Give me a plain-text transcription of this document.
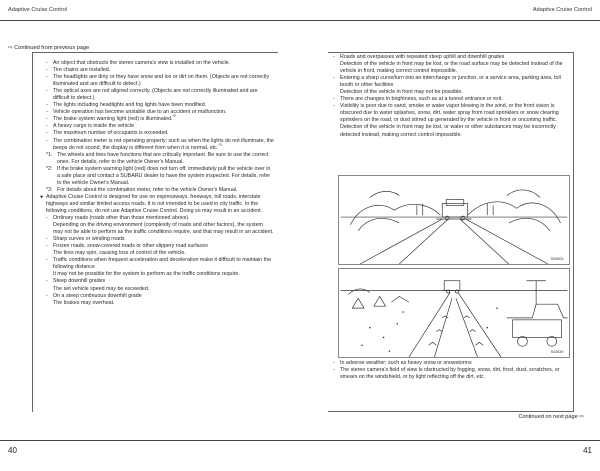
Adaptive Cruise Control	Adaptive Cruise Control
⇨ Continued from previous page
- An object that obstructs the stereo camera's view is installed on the vehicle.
- Tire chains are installed.
- The headlights are dirty or they have snow and ice or dirt on them. (Objects are not correctly illuminated and are difficult to detect.)
- The optical axes are not aligned correctly. (Objects are not correctly illuminated and are difficult to detect.)
- The lights including headlights and fog lights have been modified.
- Vehicle operation has become unstable due to an accident or malfunction.
- The brake system warning light (red) is illuminated.$^{*2}$
- A heavy cargo is inside the vehicle.
- The maximum number of occupants is exceeded.
- The combination meter is not operating properly; such as when the lights do not illuminate, the beeps do not sound, the display is different from when it is normal, etc.$^{*3}$
*1: The wheels and tires have functions that are critically important. Be sure to use the correct ones. For details, refer to the vehicle Owner's Manual.
*2: If the brake system warning light (red) does not turn off, immediately pull the vehicle over in a safe place and contact a SUBARU dealer to have the system inspected. For details, refer to the vehicle Owner's Manual.
*3: For details about the combination meter, refer to the vehicle Owner's Manual.
● Adaptive Cruise Control is designed for use on expressways, freeways, toll roads, interstate highways and similar limited access roads. It is not intended to be used in city traffic. In the following conditions, do not use Adaptive Cruise Control. Doing so may result in an accident.
- Ordinary roads (roads other than those mentioned above)
Depending on the driving environment (complexity of roads and other factors), the system may not be able to perform as the traffic conditions require, and that may result in an accident.
- Sharp curves or winding roads
- Frozen roads, snow-covered roads or other slippery road surfaces
The tires may spin, causing loss of control of the vehicle.
- Traffic conditions when frequent acceleration and deceleration make it difficult to maintain the following distance
It may not be possible for the system to perform as the traffic conditions require.
- Steep downhill grades
The set vehicle speed may be exceeded.
- On a steep continuous downhill grade
The brakes may overheat.
- Roads and overpasses with repeated steep uphill and downhill grades
Detection of the vehicle in front may be lost, or the road surface may be detected instead of the vehicle in front, making correct control impossible.
- Entering a sharp curve/turn into an interchange or junction, or a service area, parking area, toll booth or other facilities
Detection of the vehicle in front may not be possible.
- There are changes in brightness, such as at a tunnel entrance or exit.
- Visibility is poor due to sand, smoke or water vapor blowing in the wind, or the front vision is obscured due to water splashes, snow, dirt, water spray from road sprinklers or snow clearing sprinklers on the road, or dust stirred up generated by the vehicle in front or oncoming traffic.
Detection of the vehicle in front may be lost, or water or other substances may be incorrectly detected instead, making correct control impossible.
S00602
S02639
- In adverse weather; such as heavy snow or snowstorms
- The stereo camera's field of view is obstructed by fogging, snow, dirt, frost, dust, scratches, or smears on the windshield, or by light reflecting off the dirt, etc.
Continued on next page ⇨
40	41
